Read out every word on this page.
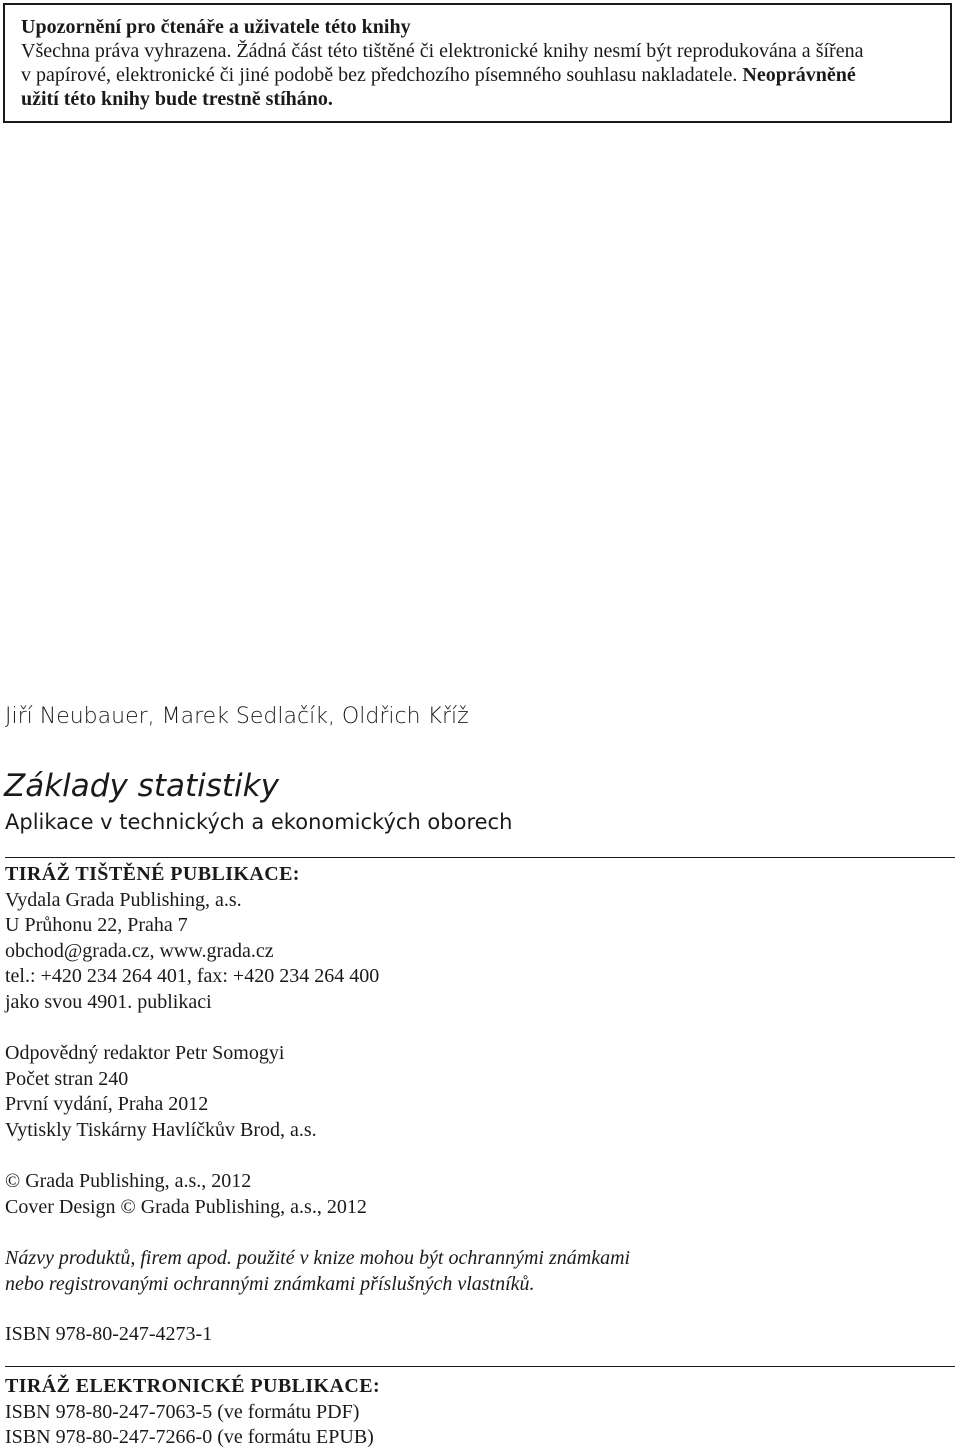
Upozornění pro čtenáře a uživatele této knihy
Všechna práva vyhrazena. Žádná část této tištěné či elektronické knihy nesmí být reprodukována a šířena
v papírové, elektronické či jiné podobě bez předchozího písemného souhlasu nakladatele. Neoprávněné
užití této knihy bude trestně stíháno.
Jiří Neubauer, Marek Sedlačík, Oldřich Kříž
Základy statistiky
Aplikace v technických a ekonomických oborech
TIRÁŽ TIŠTĚNÉ PUBLIKACE:
Vydala Grada Publishing, a.s.
U Průhonu 22, Praha 7
obchod@grada.cz, www.grada.cz
tel.: +420 234 264 401, fax: +420 234 264 400
jako svou 4901. publikaci
Odpovědný redaktor Petr Somogyi
Počet stran 240
První vydání, Praha 2012
Vytiskly Tiskárny Havlíčkův Brod, a.s.
© Grada Publishing, a.s., 2012
Cover Design © Grada Publishing, a.s., 2012
Názvy produktů, firem apod. použité v knize mohou být ochrannými známkami
nebo registrovanými ochrannými známkami příslušných vlastníků.
ISBN 978-80-247-4273-1
TIRÁŽ ELEKTRONICKÉ PUBLIKACE:
ISBN 978-80-247-7063-5 (ve formátu PDF)
ISBN 978-80-247-7266-0 (ve formátu EPUB)
